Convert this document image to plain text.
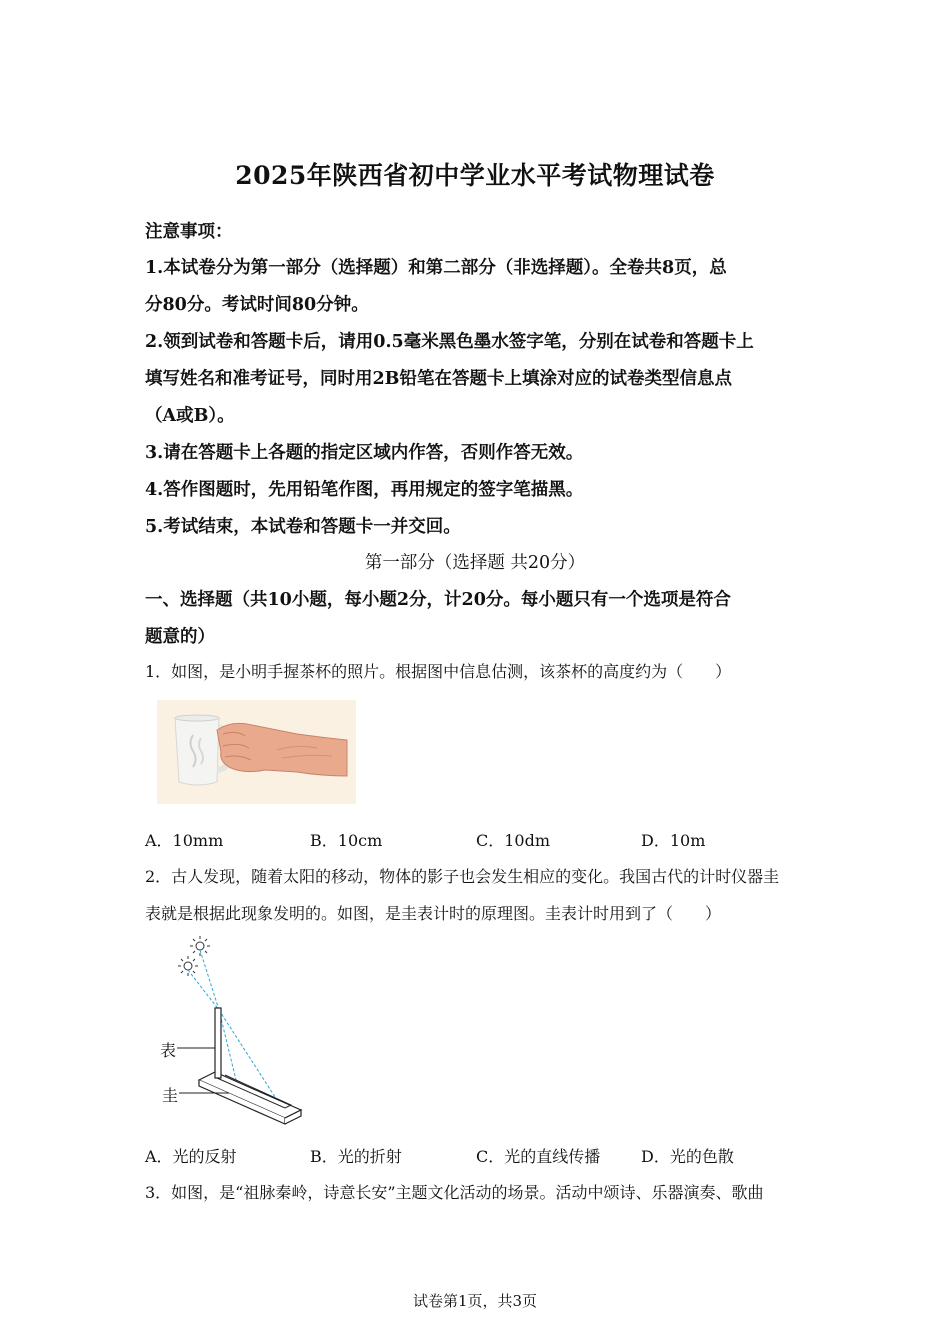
2025年陕西省初中学业水平考试物理试卷
注意事项：
1.本试卷分为第一部分（选择题）和第二部分（非选择题）。全卷共8页，总
分80分。考试时间80分钟。
2.领到试卷和答题卡后，请用0.5毫米黑色墨水签字笔，分别在试卷和答题卡上
填写姓名和准考证号，同时用2B铅笔在答题卡上填涂对应的试卷类型信息点
（A或B）。
3.请在答题卡上各题的指定区域内作答，否则作答无效。
4.答作图题时，先用铅笔作图，再用规定的签字笔描黑。
5.考试结束，本试卷和答题卡一并交回。
第一部分（选择题 共20分）
一、选择题（共10小题，每小题2分，计20分。每小题只有一个选项是符合
题意的）
1．如图，是小明手握茶杯的照片。根据图中信息估测，该茶杯的高度约为（　　）
A．10mm	B．10cm	C．10dm	D．10m
2．古人发现，随着太阳的移动，物体的影子也会发生相应的变化。我国古代的计时仪器圭
表就是根据此现象发明的。如图，是圭表计时的原理图。圭表计时用到了（　　）
表
圭
A．光的反射	B．光的折射	C．光的直线传播	D．光的色散
3．如图，是“祖脉秦岭，诗意长安”主题文化活动的场景。活动中颂诗、乐器演奏、歌曲
试卷第1页，共3页
